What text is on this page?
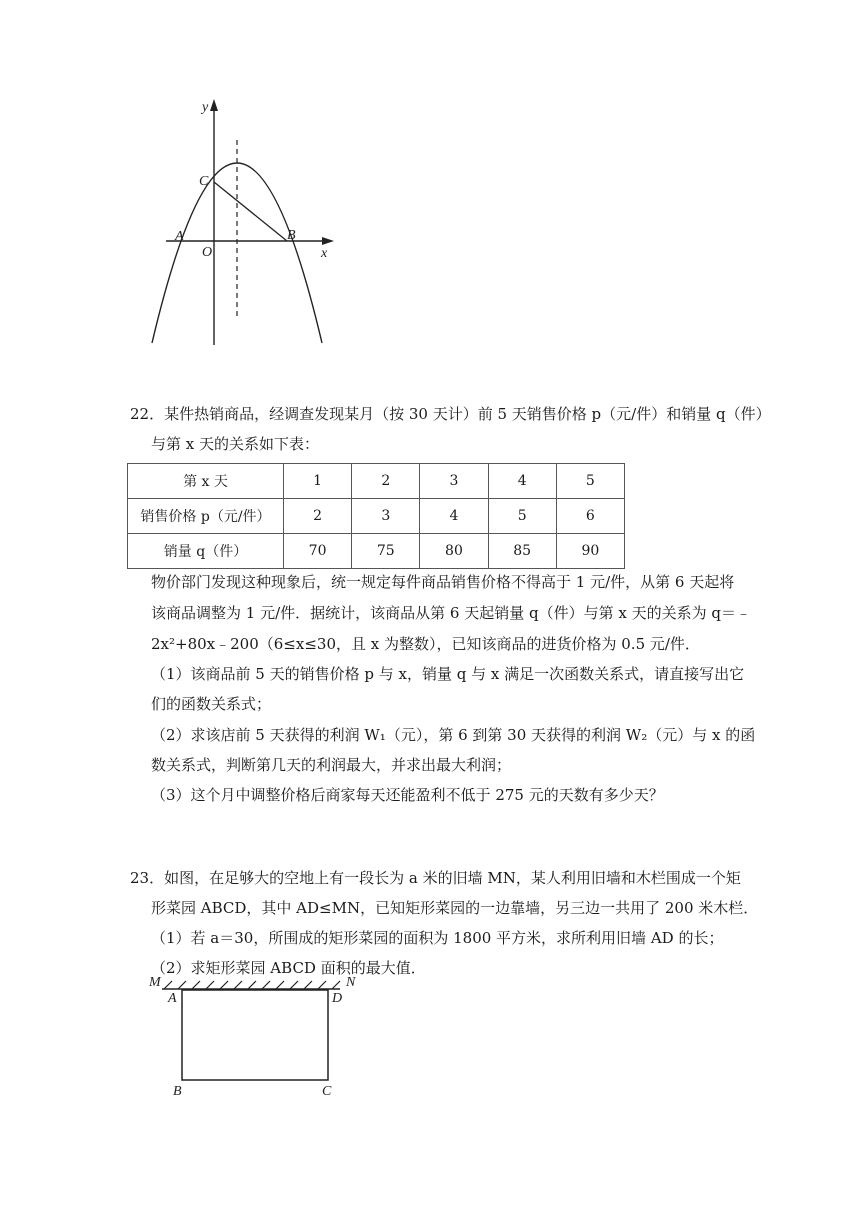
y
x
C
A
O
B
22．某件热销商品，经调查发现某月（按 30 天计）前 5 天销售价格 p（元/件）和销量 q（件）
与第 x 天的关系如下表：
第 x 天	1	2	3	4	5
销售价格 p（元/件）	2	3	4	5	6
销量 q（件）	70	75	80	85	90
物价部门发现这种现象后，统一规定每件商品销售价格不得高于 1 元/件，从第 6 天起将
该商品调整为 1 元/件．据统计，该商品从第 6 天起销量 q（件）与第 x 天的关系为 q＝﹣
2x²+80x﹣200（6≤x≤30，且 x 为整数），已知该商品的进货价格为 0.5 元/件．
（1）该商品前 5 天的销售价格 p 与 x，销量 q 与 x 满足一次函数关系式，请直接写出它
们的函数关系式；
（2）求该店前 5 天获得的利润 W₁（元），第 6 到第 30 天获得的利润 W₂（元）与 x 的函
数关系式，判断第几天的利润最大，并求出最大利润；
（3）这个月中调整价格后商家每天还能盈利不低于 275 元的天数有多少天？
23．如图，在足够大的空地上有一段长为 a 米的旧墙 MN，某人利用旧墙和木栏围成一个矩
形菜园 ABCD，其中 AD≤MN，已知矩形菜园的一边靠墙，另三边一共用了 200 米木栏．
（1）若 a＝30，所围成的矩形菜园的面积为 1800 平方米，求所利用旧墙 AD 的长；
（2）求矩形菜园 ABCD 面积的最大值．
M	N
A	D
B	C
